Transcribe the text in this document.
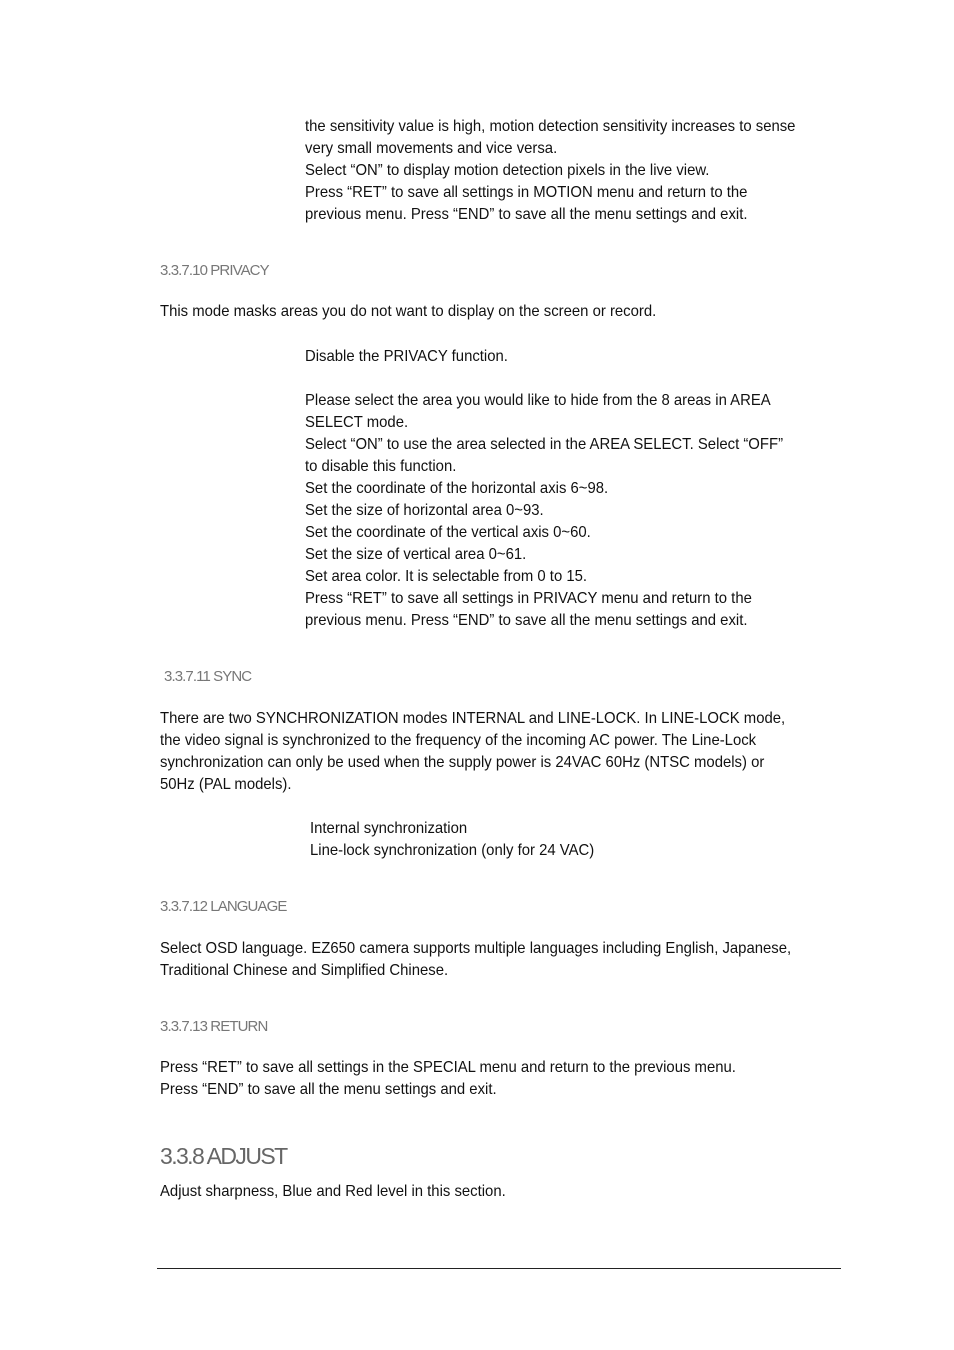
the sensitivity value is high, motion detection sensitivity increases to sense
very small movements and vice versa.
Select “ON” to display motion detection pixels in the live view.
Press “RET” to save all settings in MOTION menu and return to the
previous menu. Press “END” to save all the menu settings and exit.
3.3.7.10 PRIVACY
This mode masks areas you do not want to display on the screen or record.
Disable the PRIVACY function.
Please select the area you would like to hide from the 8 areas in AREA
SELECT mode.
Select “ON” to use the area selected in the AREA SELECT. Select “OFF”
to disable this function.
Set the coordinate of the horizontal axis 6~98.
Set the size of horizontal area 0~93.
Set the coordinate of the vertical axis 0~60.
Set the size of vertical area 0~61.
Set area color. It is selectable from 0 to 15.
Press “RET” to save all settings in PRIVACY menu and return to the
previous menu. Press “END” to save all the menu settings and exit.
3.3.7.11 SYNC
There are two SYNCHRONIZATION modes INTERNAL and LINE-LOCK. In LINE-LOCK mode,
the video signal is synchronized to the frequency of the incoming AC power. The Line-Lock
synchronization can only be used when the supply power is 24VAC 60Hz (NTSC models) or
50Hz (PAL models).
Internal synchronization
Line-lock synchronization (only for 24 VAC)
3.3.7.12 LANGUAGE
Select OSD language. EZ650 camera supports multiple languages including English, Japanese,
Traditional Chinese and Simplified Chinese.
3.3.7.13 RETURN
Press “RET” to save all settings in the SPECIAL menu and return to the previous menu.
Press “END” to save all the menu settings and exit.
3.3.8 ADJUST
Adjust sharpness, Blue and Red level in this section.
